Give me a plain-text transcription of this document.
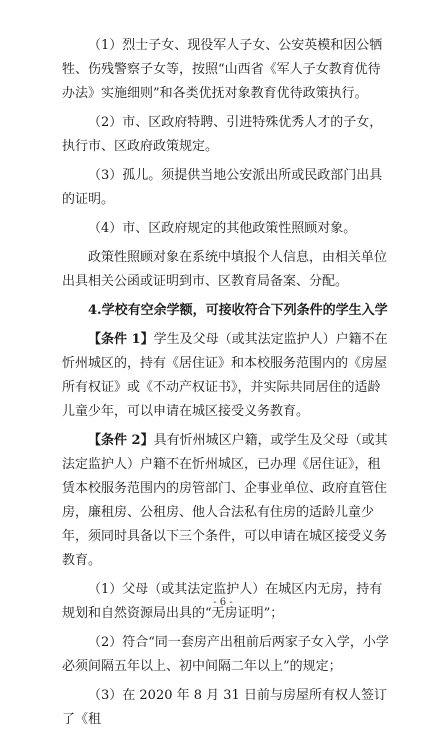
（1）烈士子女、现役军人子女、公安英模和因公牺牲、伤残警察子女等，按照“山西省《军人子女教育优待办法》实施细则”和各类优抚对象教育优待政策执行。

（2）市、区政府特聘、引进特殊优秀人才的子女，执行市、区政府政策规定。

（3）孤儿。须提供当地公安派出所或民政部门出具的证明。

（4）市、区政府规定的其他政策性照顾对象。

政策性照顾对象在系统中填报个人信息，由相关单位出具相关公函或证明到市、区教育局备案、分配。

4.学校有空余学额，可接收符合下列条件的学生入学

【条件 1】学生及父母（或其法定监护人）户籍不在忻州城区的，持有《居住证》和本校服务范围内的《房屋所有权证》或《不动产权证书》，并实际共同居住的适龄儿童少年，可以申请在城区接受义务教育。

【条件 2】具有忻州城区户籍，或学生及父母（或其法定监护人）户籍不在忻州城区，已办理《居住证》，租赁本校服务范围内的房管部门、企事业单位、政府直管住房，廉租房、公租房、他人合法私有住房的适龄儿童少年，须同时具备以下三个条件，可以申请在城区接受义务教育。

（1）父母（或其法定监护人）在城区内无房，持有规划和自然资源局出具的“无房证明”；

（2）符合“同一套房产出租前后两家子女入学，小学必须间隔五年以上、初中间隔二年以上”的规定；

（3）在 2020 年 8 月 31 日前与房屋所有权人签订了《租

- 6 -
